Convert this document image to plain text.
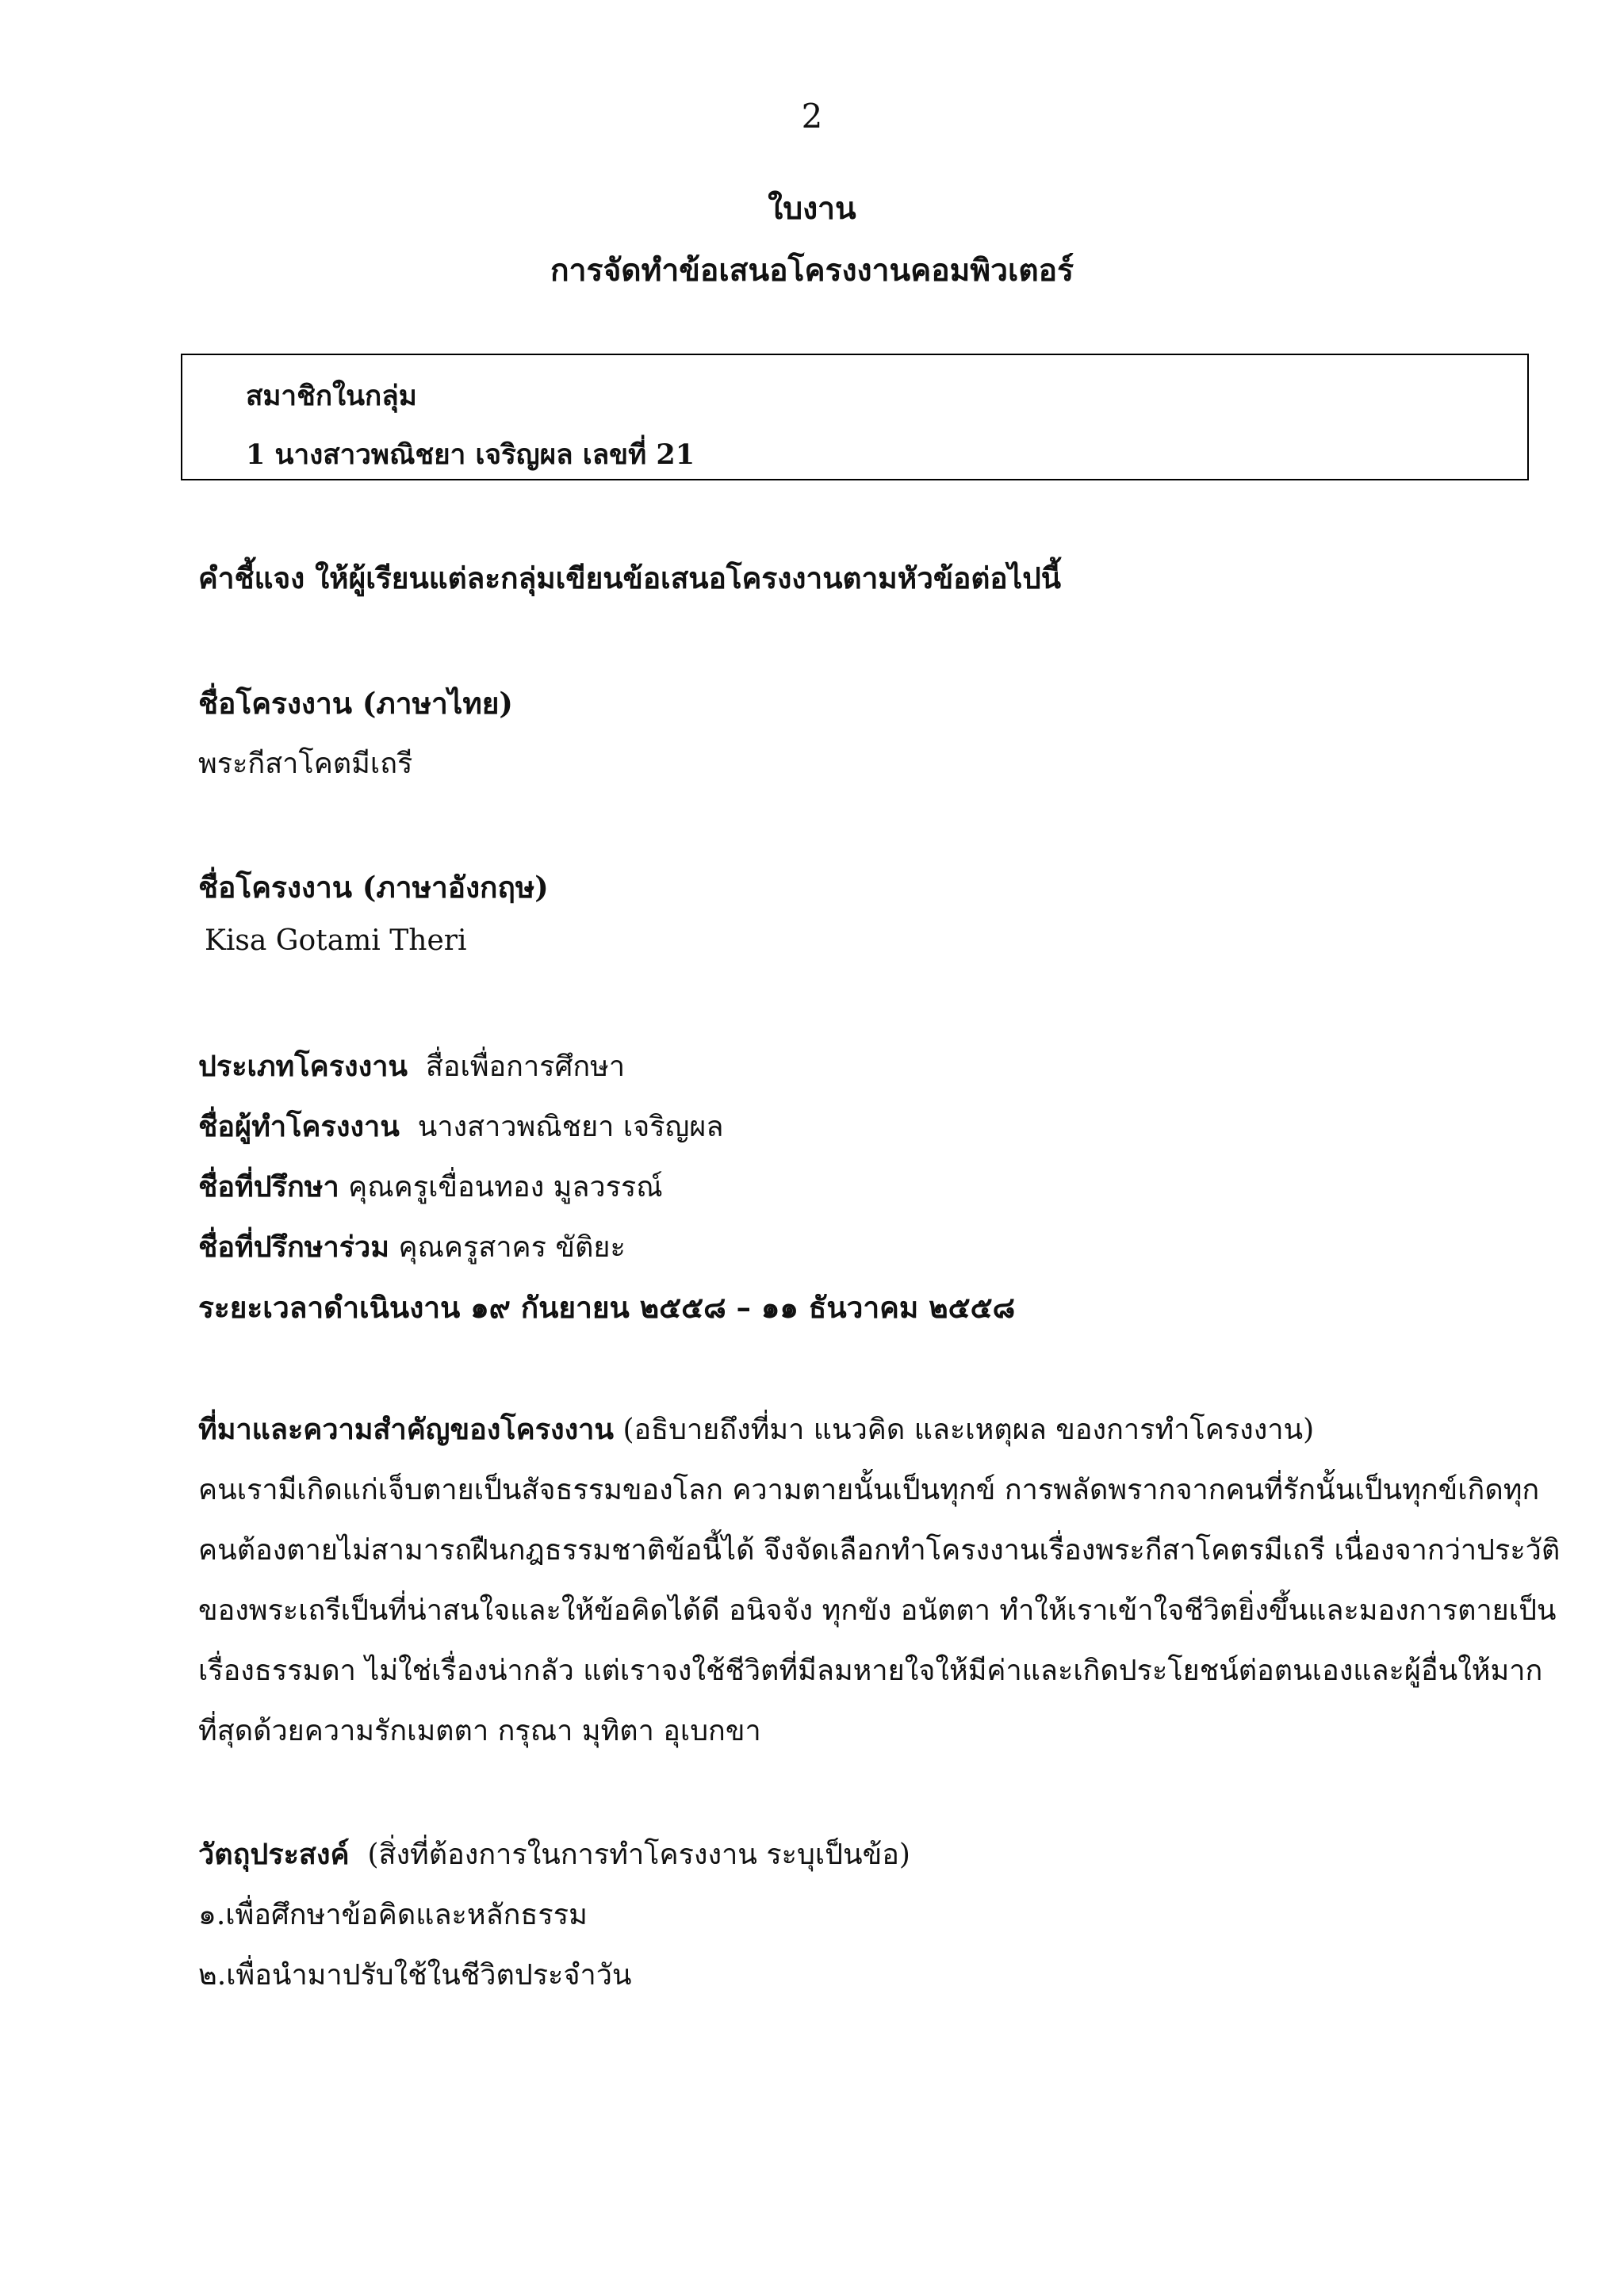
2
ใบงาน
การจัดทำข้อเสนอโครงงานคอมพิวเตอร์
สมาชิกในกลุ่ม
1 นางสาวพณิชยา เจริญผล เลขที่ 21
คำชี้แจง ให้ผู้เรียนแต่ละกลุ่มเขียนข้อเสนอโครงงานตามหัวข้อต่อไปนี้
ชื่อโครงงาน (ภาษาไทย)
พระกีสาโคตมีเถรี
ชื่อโครงงาน (ภาษาอังกฤษ)
Kisa Gotami Theri
ประเภทโครงงาน สื่อเพื่อการศึกษา
ชื่อผู้ทำโครงงาน นางสาวพณิชยา เจริญผล
ชื่อที่ปรึกษา คุณครูเขื่อนทอง มูลวรรณ์
ชื่อที่ปรึกษาร่วม คุณครูสาคร ขัติยะ
ระยะเวลาดำเนินงาน ๑๙ กันยายน ๒๕๕๘ – ๑๑ ธันวาคม ๒๕๕๘
ที่มาและความสำคัญของโครงงาน (อธิบายถึงที่มา แนวคิด และเหตุผล ของการทำโครงงาน)
คนเรามีเกิดแก่เจ็บตายเป็นสัจธรรมของโลก ความตายนั้นเป็นทุกข์ การพลัดพรากจากคนที่รักนั้นเป็นทุกข์เกิดทุก
คนต้องตายไม่สามารถฝืนกฎธรรมชาติข้อนี้ได้ จึงจัดเลือกทำโครงงานเรื่องพระกีสาโคตรมีเถรี เนื่องจากว่าประวัติ
ของพระเถรีเป็นที่น่าสนใจและให้ข้อคิดได้ดี อนิจจัง ทุกขัง อนัตตา ทำให้เราเข้าใจชีวิตยิ่งขึ้นและมองการตายเป็น
เรื่องธรรมดา ไม่ใช่เรื่องน่ากลัว แต่เราจงใช้ชีวิตที่มีลมหายใจให้มีค่าและเกิดประโยชน์ต่อตนเองและผู้อื่นให้มาก
ที่สุดด้วยความรักเมตตา กรุณา มุทิตา อุเบกขา
วัตถุประสงค์ (สิ่งที่ต้องการในการทำโครงงาน ระบุเป็นข้อ)
๑.เพื่อศึกษาข้อคิดและหลักธรรม
๒.เพื่อนำมาปรับใช้ในชีวิตประจำวัน
